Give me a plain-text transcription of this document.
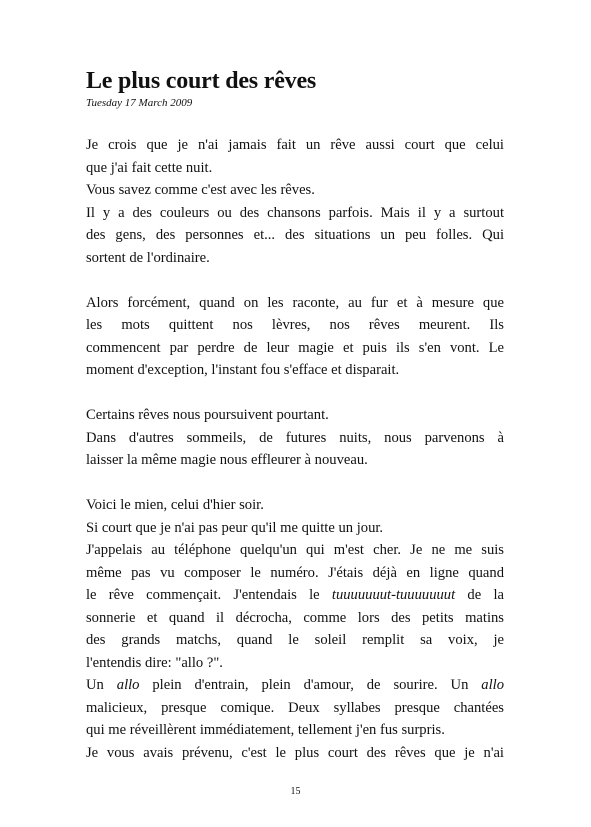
Le plus court des rêves
Tuesday 17 March 2009
Je crois que je n'ai jamais fait un rêve aussi court que celui
que j'ai fait cette nuit.
Vous savez comme c'est avec les rêves.
Il y a des couleurs ou des chansons parfois. Mais il y a surtout
des gens, des personnes et... des situations un peu folles. Qui
sortent de l'ordinaire.
Alors forcément, quand on les raconte, au fur et à mesure que
les mots quittent nos lèvres, nos rêves meurent. Ils
commencent par perdre de leur magie et puis ils s'en vont. Le
moment d'exception, l'instant fou s'efface et disparait.
Certains rêves nous poursuivent pourtant.
Dans d'autres sommeils, de futures nuits, nous parvenons à
laisser la même magie nous effleurer à nouveau.
Voici le mien, celui d'hier soir.
Si court que je n'ai pas peur qu'il me quitte un jour.
J'appelais au téléphone quelqu'un qui m'est cher. Je ne me suis
même pas vu composer le numéro. J'étais déjà en ligne quand
le rêve commençait. J'entendais le tuuuuuuut-tuuuuuuut de la
sonnerie et quand il décrocha, comme lors des petits matins
des grands matchs, quand le soleil remplit sa voix, je
l'entendis dire: "allo ?".
Un allo plein d'entrain, plein d'amour, de sourire. Un allo
malicieux, presque comique. Deux syllabes presque chantées
qui me réveillèrent immédiatement, tellement j'en fus surpris.
Je vous avais prévenu, c'est le plus court des rêves que je n'ai
15
